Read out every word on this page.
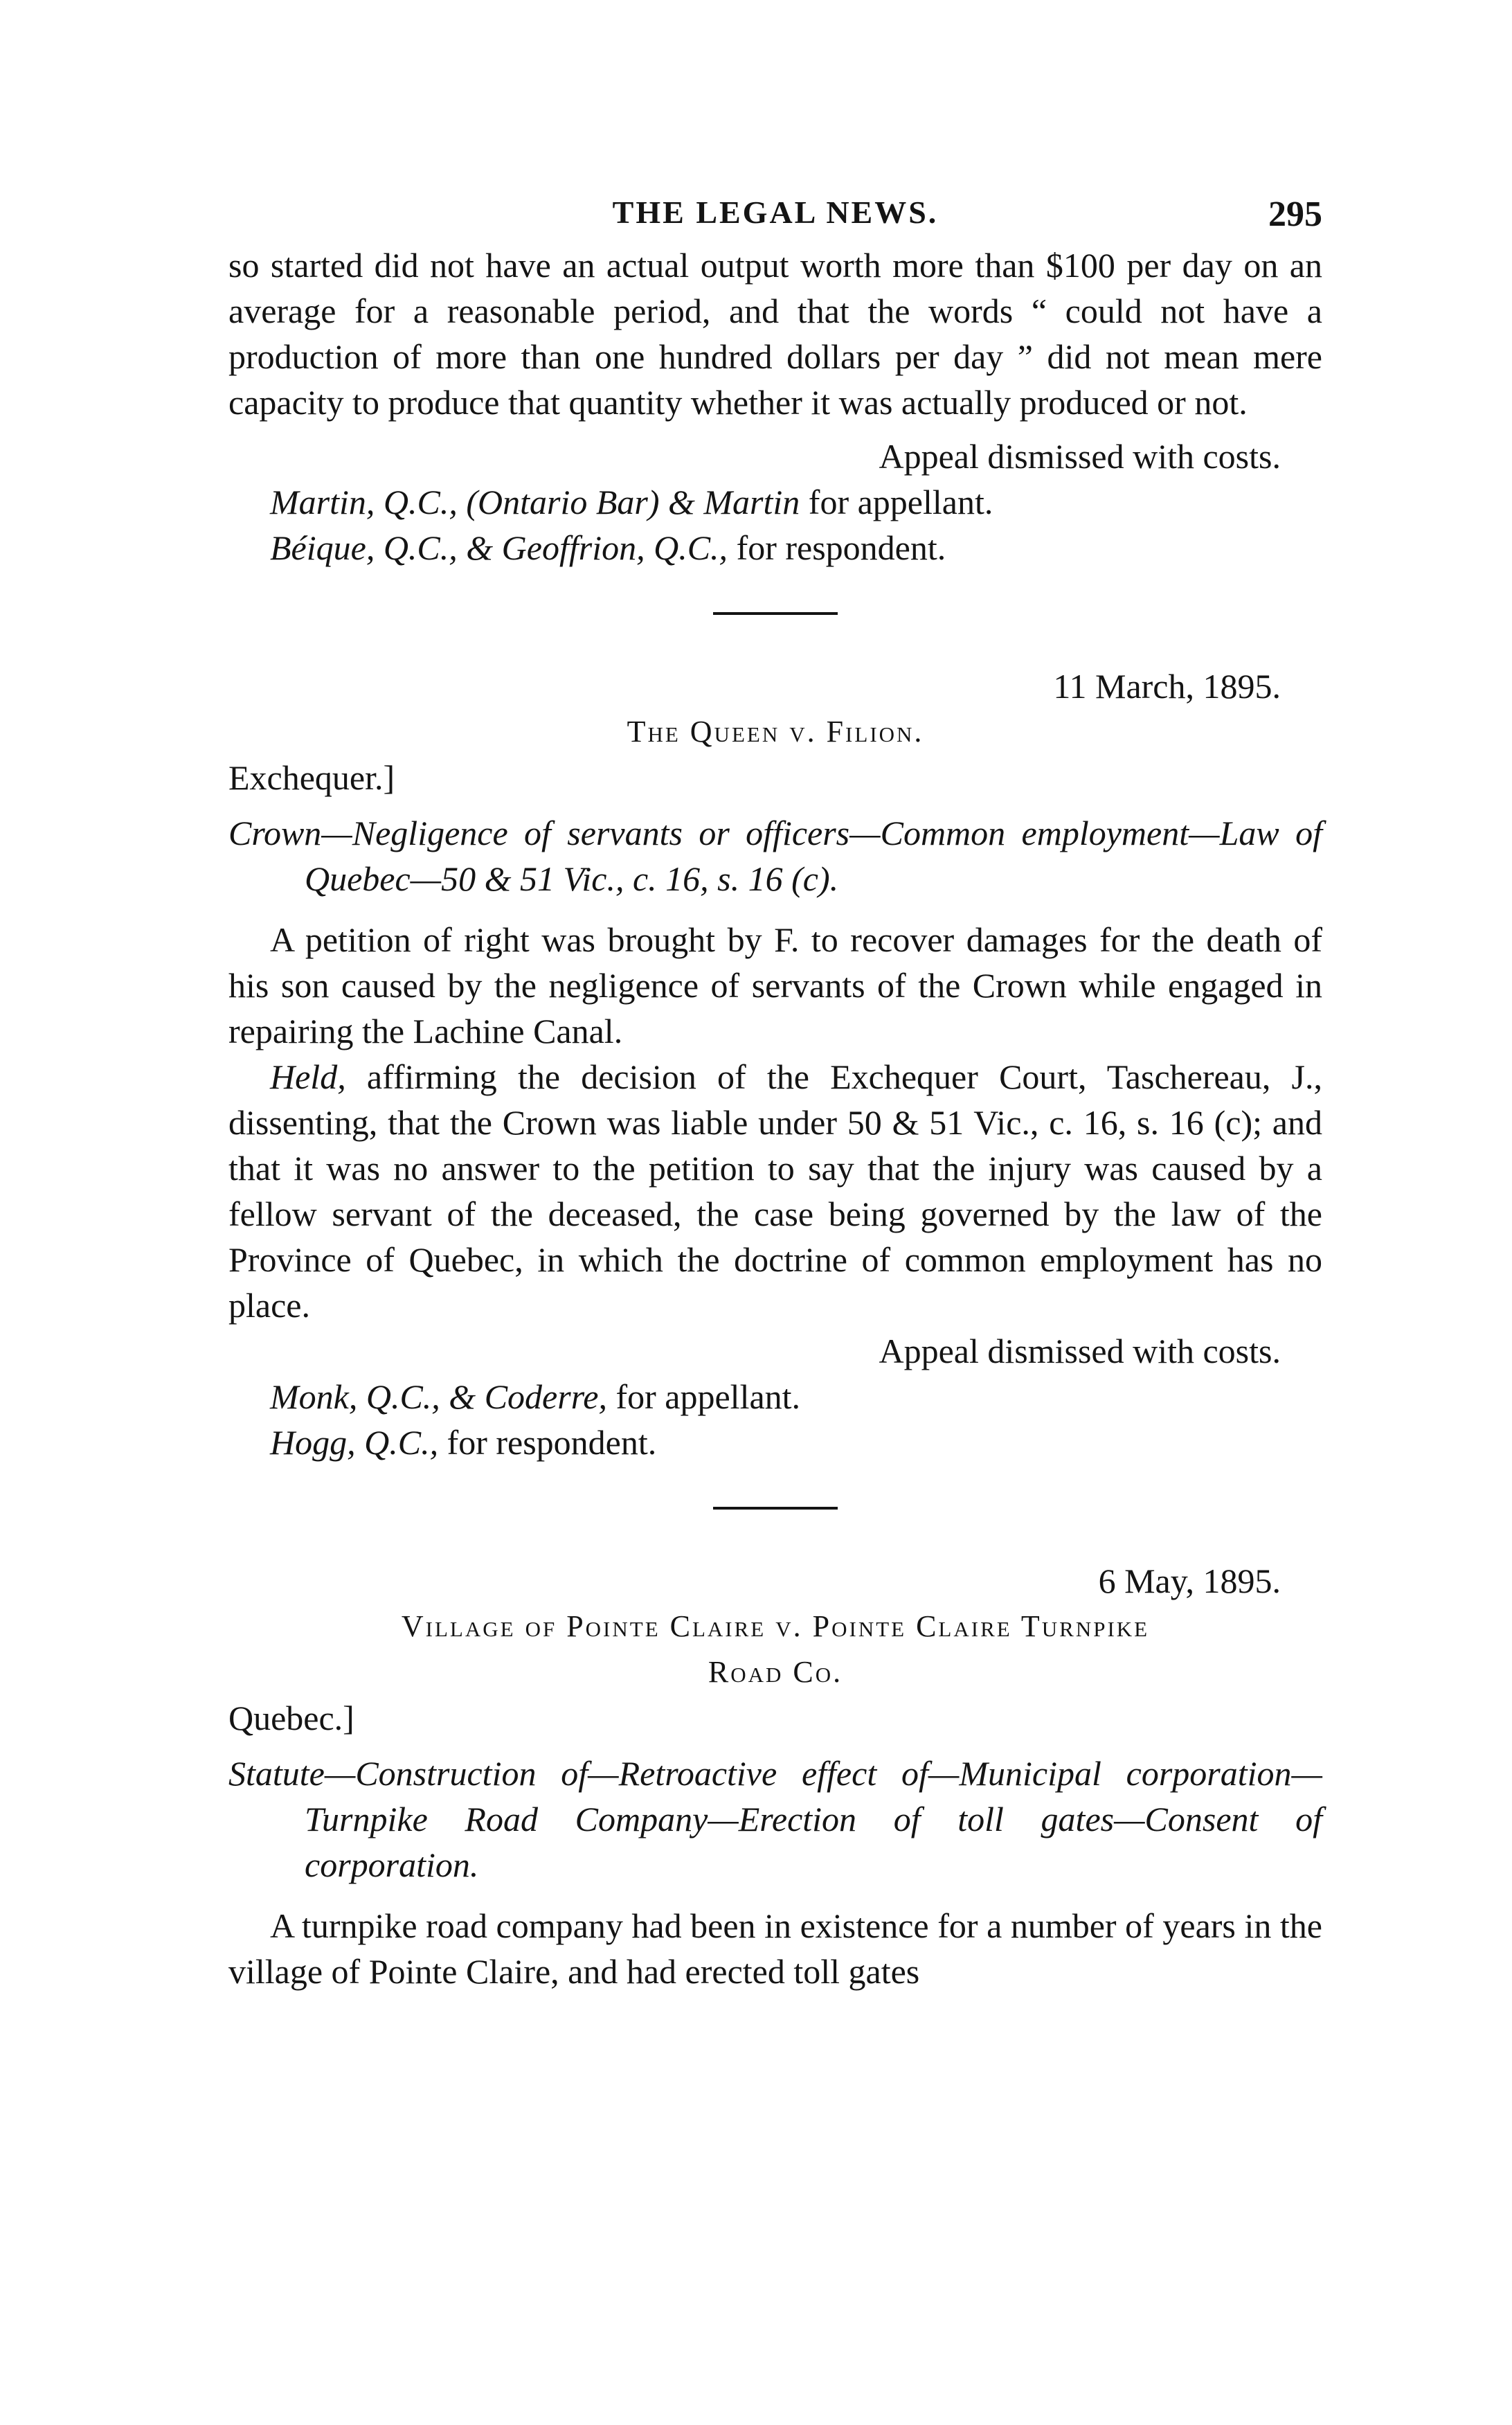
THE LEGAL NEWS.	295

so started did not have an actual output worth more than $100 per day on an average for a reasonable period, and that the words “ could not have a production of more than one hundred dollars per day ” did not mean mere capacity to produce that quantity whether it was actually produced or not.

Appeal dismissed with costs.

Martin, Q.C., (Ontario Bar) & Martin for appellant.

Béique, Q.C., & Geoffrion, Q.C., for respondent.

11 March, 1895.

The Queen v. Filion.

Exchequer.]

Crown—Negligence of servants or officers—Common employment—Law of Quebec—50 & 51 Vic., c. 16, s. 16 (c).

A petition of right was brought by F. to recover damages for the death of his son caused by the negligence of servants of the Crown while engaged in repairing the Lachine Canal.

Held, affirming the decision of the Exchequer Court, Taschereau, J., dissenting, that the Crown was liable under 50 & 51 Vic., c. 16, s. 16 (c); and that it was no answer to the petition to say that the injury was caused by a fellow servant of the deceased, the case being governed by the law of the Province of Quebec, in which the doctrine of common employment has no place.

Appeal dismissed with costs.

Monk, Q.C., & Coderre, for appellant.

Hogg, Q.C., for respondent.

6 May, 1895.

Village of Pointe Claire v. Pointe Claire Turnpike

Road Co.

Quebec.]

Statute—Construction of—Retroactive effect of—Municipal corporation—Turnpike Road Company—Erection of toll gates—Consent of corporation.

A turnpike road company had been in existence for a number of years in the village of Pointe Claire, and had erected toll gates
